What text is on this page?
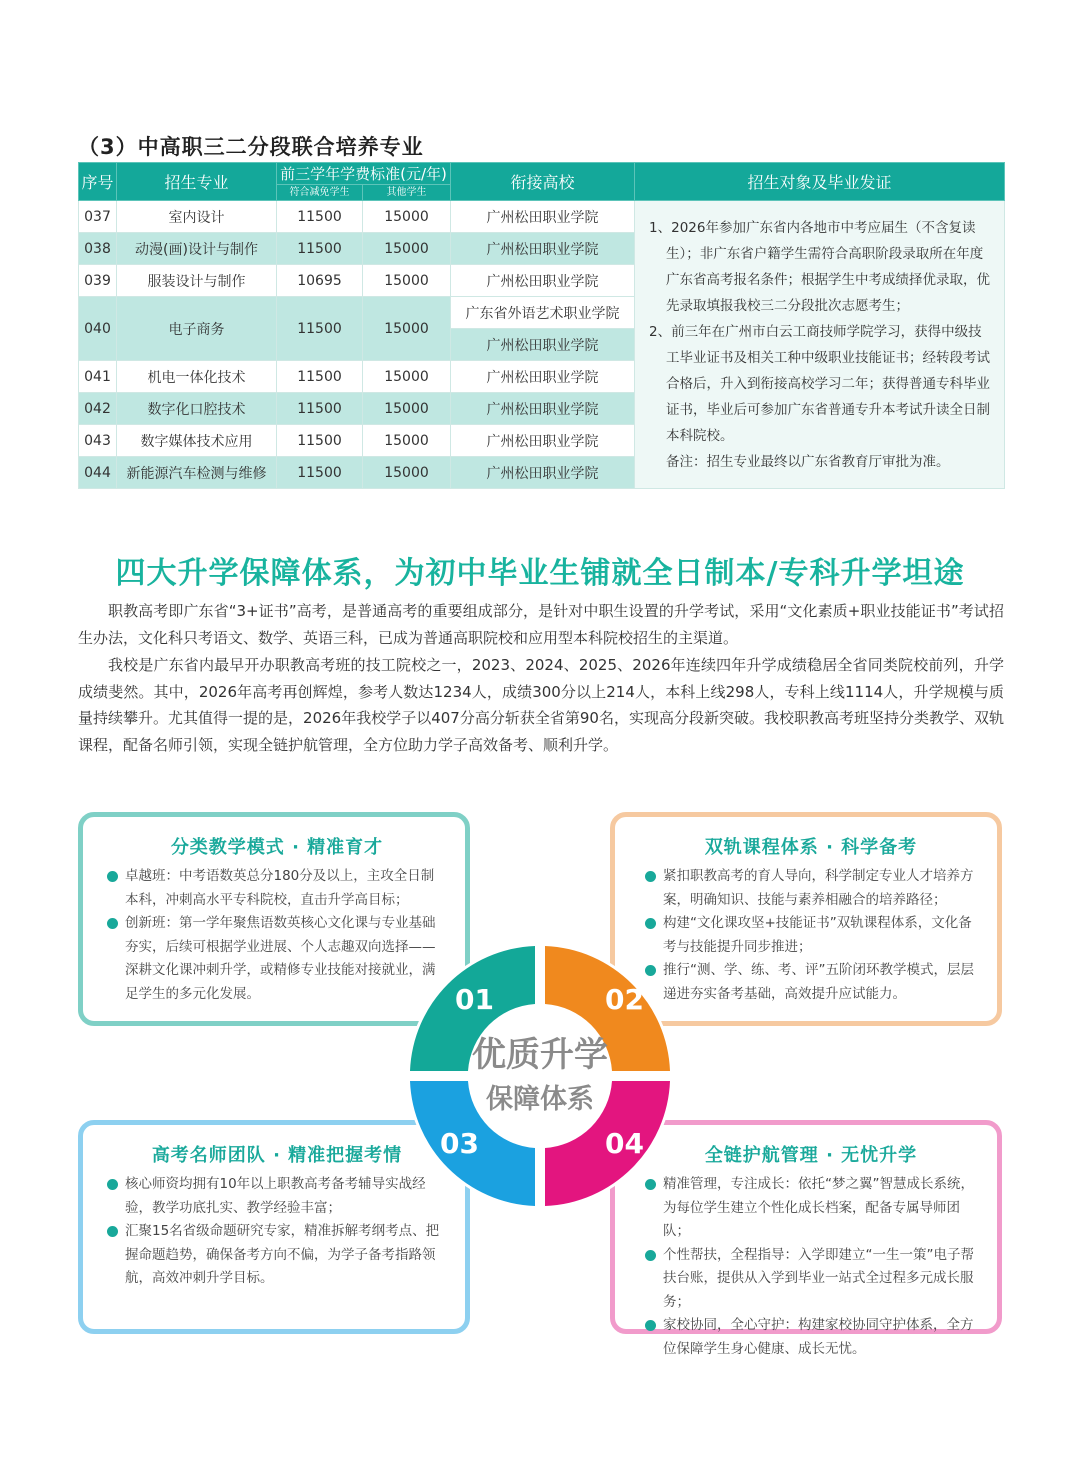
（3）中高职三二分段联合培养专业
序号	招生专业	前三学年学费标准(元/年)		衔接高校	招生对象及毕业发证
		符合减免学生	其他学生		
037	室内设计	11500	15000	广州松田职业学院	1、2026年参加广东省内各地市中考应届生（不含复读生）；非广东省户籍学生需符合高职阶段录取所在年度广东省高考报名条件；根据学生中考成绩择优录取，优先录取填报我校三二分段批次志愿考生；

2、前三年在广州市白云工商技师学院学习，获得中级技工毕业证书及相关工种中级职业技能证书；经转段考试合格后，升入到衔接高校学习二年；获得普通专科毕业证书，毕业后可参加广东省普通专升本考试升读全日制本科院校。

备注：招生专业最终以广东省教育厅审批为准。

038	动漫(画)设计与制作	11500	15000	广州松田职业学院	
039	服装设计与制作	10695	15000	广州松田职业学院	
040	电子商务	11500	15000	广东省外语艺术职业学院	
				广州松田职业学院	
041	机电一体化技术	11500	15000	广州松田职业学院	
042	数字化口腔技术	11500	15000	广州松田职业学院	
043	数字媒体技术应用	11500	15000	广州松田职业学院	
044	新能源汽车检测与维修	11500	15000	广州松田职业学院	
四大升学保障体系，为初中毕业生铺就全日制本/专科升学坦途

职教高考即广东省“3+证书”高考，是普通高考的重要组成部分，是针对中职生设置的升学考试，采用“文化素质+职业技能证书”考试招生办法，文化科只考语文、数学、英语三科，已成为普通高职院校和应用型本科院校招生的主渠道。

我校是广东省内最早开办职教高考班的技工院校之一，2023、2024、2025、2026年连续四年升学成绩稳居全省同类院校前列，升学成绩斐然。其中，2026年高考再创辉煌，参考人数达1234人，成绩300分以上214人，本科上线298人，专科上线1114人，升学规模与质量持续攀升。尤其值得一提的是，2026年我校学子以407分高分斩获全省第90名，实现高分段新突破。我校职教高考班坚持分类教学、双轨课程，配备名师引领，实现全链护航管理，全方位助力学子高效备考、顺利升学。

分类教学模式 · 精准育才
卓越班：中考语数英总分180分及以上，主攻全日制本科，冲刺高水平专科院校，直击升学高目标；
创新班：第一学年聚焦语数英核心文化课与专业基础夯实，后续可根据学业进展、个人志趣双向选择——深耕文化课冲刺升学，或精修专业技能对接就业，满足学生的多元化发展。
双轨课程体系 · 科学备考
紧扣职教高考的育人导向，科学制定专业人才培养方案，明确知识、技能与素养相融合的培养路径；
构建“文化课攻坚+技能证书”双轨课程体系，文化备考与技能提升同步推进；
推行“测、学、练、考、评”五阶闭环教学模式，层层递进夯实备考基础，高效提升应试能力。
高考名师团队 · 精准把握考情
核心师资均拥有10年以上职教高考备考辅导实战经验，教学功底扎实、教学经验丰富；
汇聚15名省级命题研究专家，精准拆解考纲考点、把握命题趋势，确保备考方向不偏，为学子备考指路领航，高效冲刺升学目标。
全链护航管理 · 无忧升学
精准管理，专注成长：依托“梦之翼”智慧成长系统，为每位学生建立个性化成长档案，配备专属导师团队；
个性帮扶，全程指导：入学即建立“一生一策”电子帮扶台账，提供从入学到毕业一站式全过程多元成长服务；
家校协同，全心守护：构建家校协同守护体系，全方位保障学生身心健康、成长无忧。
01	02
03	04
优质升学
保障体系
